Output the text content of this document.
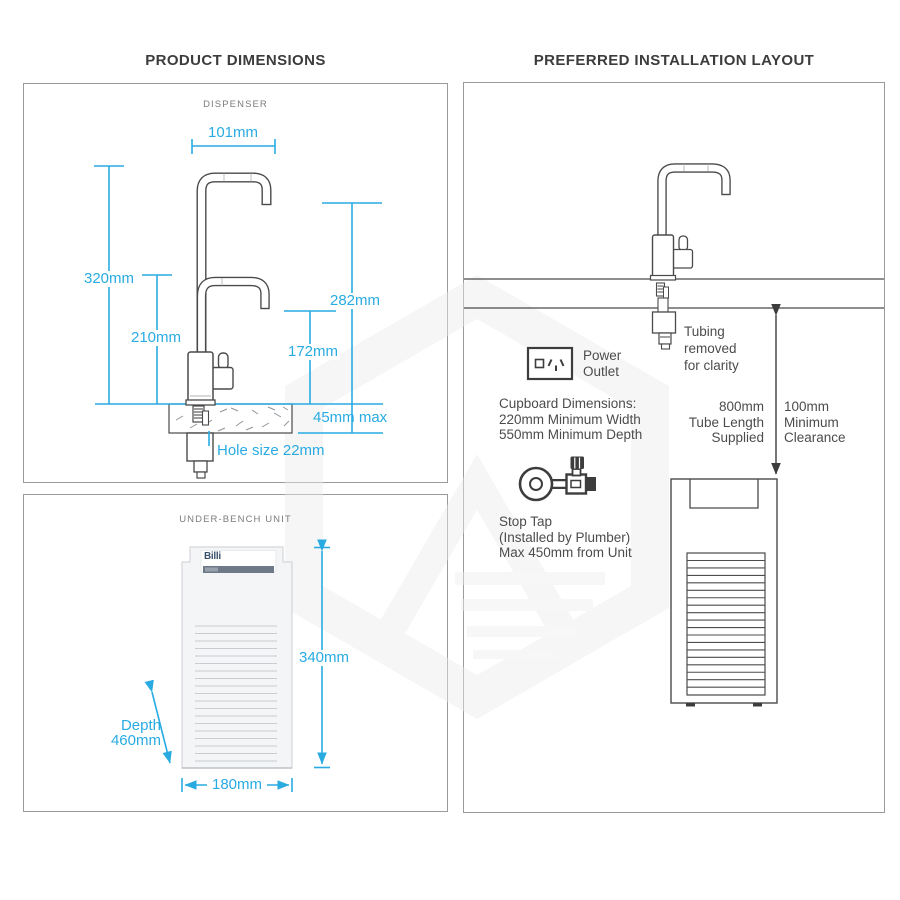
PRODUCT DIMENSIONS	PREFERRED INSTALLATION LAYOUT
DISPENSER
101mm
320mm
210mm
282mm
172mm
45mm max
Hole size 22mm
UNDER-BENCH UNIT
Billi
340mm
Depth
460mm
180mm
Tubing
removed
for clarity
Power
Outlet
Cupboard Dimensions:
220mm Minimum Width
550mm Minimum Depth
Stop Tap
(Installed by Plumber)
Max 450mm from Unit
800mm
Tube Length
Supplied
100mm
Minimum
Clearance
